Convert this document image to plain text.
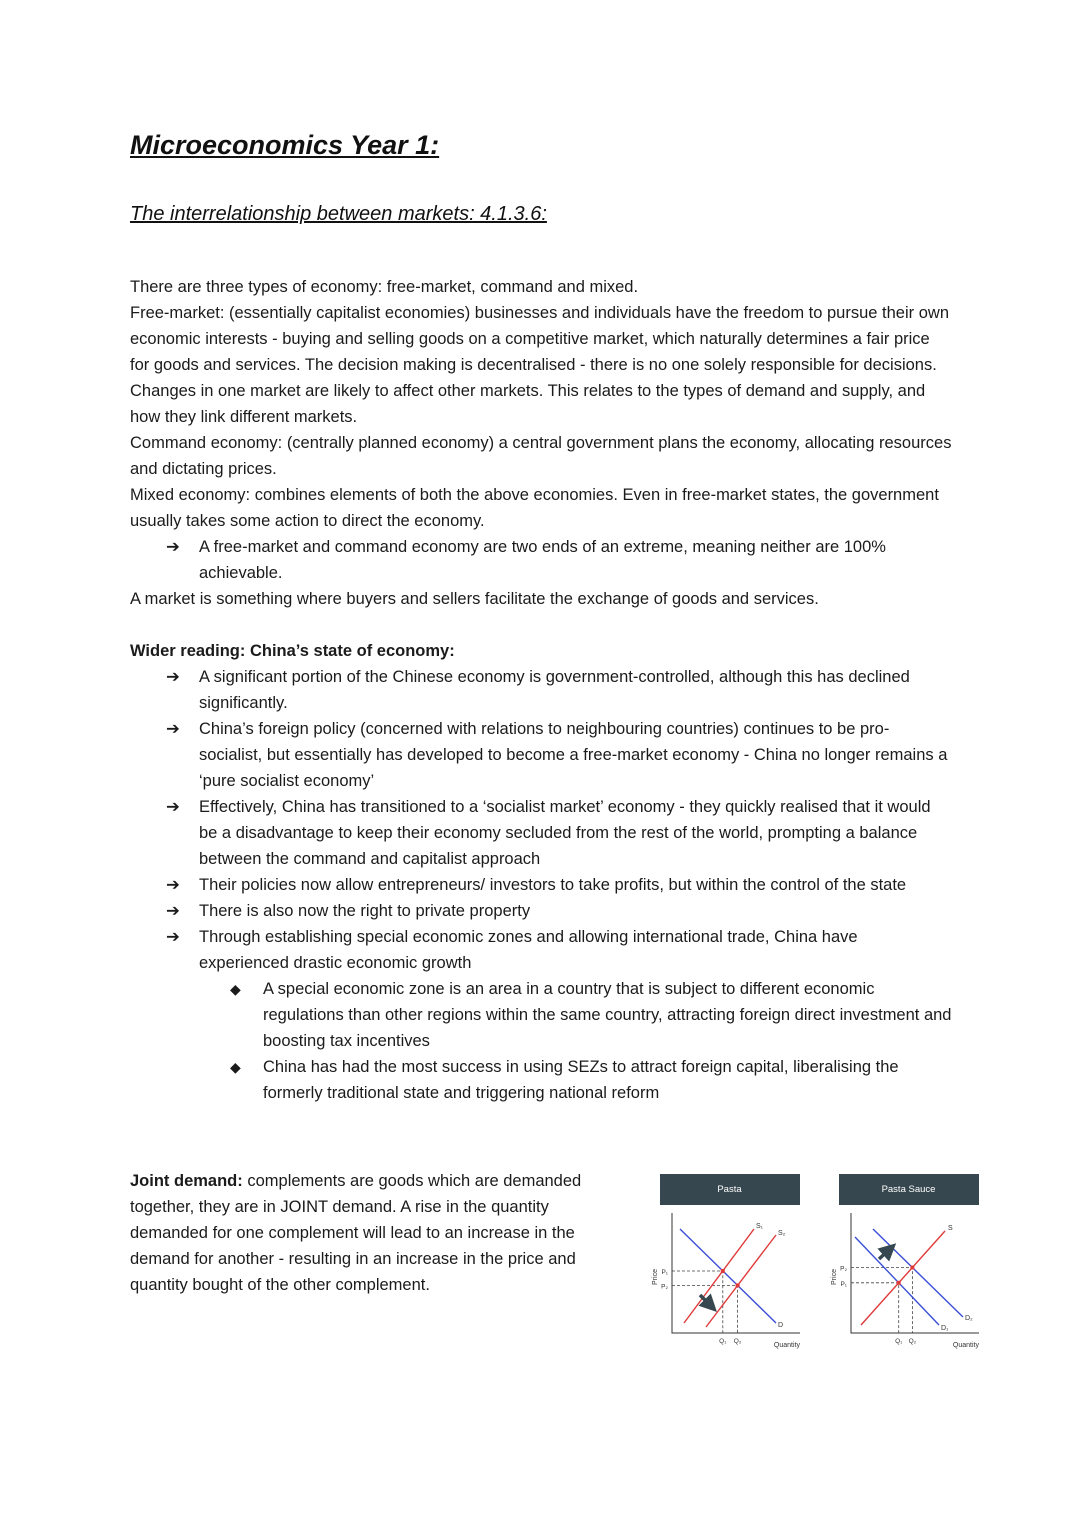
Microeconomics Year 1:
The interrelationship between markets: 4.1.3.6:

There are three types of economy: free-market, command and mixed.

Free-market: (essentially capitalist economies) businesses and individuals have the freedom to pursue their own economic interests - buying and selling goods on a competitive market, which naturally determines a fair price for goods and services. The decision making is decentralised - there is no one solely responsible for decisions.

Changes in one market are likely to affect other markets. This relates to the types of demand and supply, and how they link different markets.

Command economy: (centrally planned economy) a central government plans the economy, allocating resources and dictating prices.

Mixed economy: combines elements of both the above economies. Even in free-market states, the government usually takes some action to direct the economy.

➔	A free-market and command economy are two ends of an extreme, meaning neither are 100% achievable.

A market is something where buyers and sellers facilitate the exchange of goods and services.

Wider reading: China’s state of economy:

➔	A significant portion of the Chinese economy is government-controlled, although this has declined significantly.
➔	China’s foreign policy (concerned with relations to neighbouring countries) continues to be pro-socialist, but essentially has developed to become a free-market economy - China no longer remains a ‘pure socialist economy’
➔	Effectively, China has transitioned to a ‘socialist market’ economy - they quickly realised that it would be a disadvantage to keep their economy secluded from the rest of the world, prompting a balance between the command and capitalist approach
➔	Their policies now allow entrepreneurs/ investors to take profits, but within the control of the state
➔	There is also now the right to private property
➔	Through establishing special economic zones and allowing international trade, China have experienced drastic economic growth
◆	A special economic zone is an area in a country that is subject to different economic regulations than other regions within the same country, attracting foreign direct investment and boosting tax incentives
◆	China has had the most success in using SEZs to attract foreign capital, liberalising the formerly traditional state and triggering national reform

Joint demand: complements are goods which are demanded together, they are in JOINT demand. A rise in the quantity demanded for one complement will lead to an increase in the demand for another - resulting in an increase in the price and quantity bought of the other complement.

Pasta
Price
Quantity
S₁
S₂
D
P₁
P₂
Q₁ Q₂
Pasta Sauce
Price
Quantity
S
D₂
D₁
P₂
P₁
Q₁ Q₂
